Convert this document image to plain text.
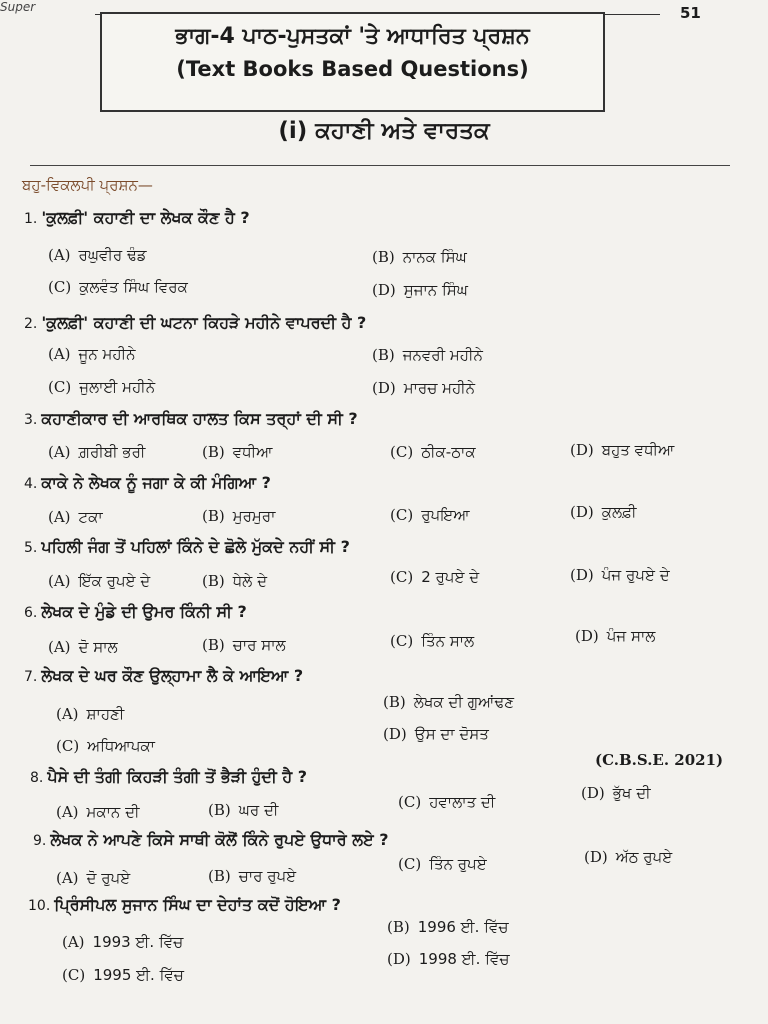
Super	51
ਭਾਗ-4 ਪਾਠ-ਪੁਸਤਕਾਂ 'ਤੇ ਆਧਾਰਿਤ ਪ੍ਰਸ਼ਨ
(Text Books Based Questions)
(i) ਕਹਾਣੀ ਅਤੇ ਵਾਰਤਕ
ਬਹੁ-ਵਿਕਲਪੀ ਪ੍ਰਸ਼ਨ—
1. 'ਕੁਲਫ਼ੀ' ਕਹਾਣੀ ਦਾ ਲੇਖਕ ਕੌਣ ਹੈ ?
(A) ਰਘੁਵੀਰ ਢੰਡ	(B) ਨਾਨਕ ਸਿੰਘ
(C) ਕੁਲਵੰਤ ਸਿੰਘ ਵਿਰਕ	(D) ਸੁਜਾਨ ਸਿੰਘ
2. 'ਕੁਲਫ਼ੀ' ਕਹਾਣੀ ਦੀ ਘਟਨਾ ਕਿਹੜੇ ਮਹੀਨੇ ਵਾਪਰਦੀ ਹੈ ?
(A) ਜੂਨ ਮਹੀਨੇ	(B) ਜਨਵਰੀ ਮਹੀਨੇ
(C) ਜੁਲਾਈ ਮਹੀਨੇ	(D) ਮਾਰਚ ਮਹੀਨੇ
3. ਕਹਾਣੀਕਾਰ ਦੀ ਆਰਥਿਕ ਹਾਲਤ ਕਿਸ ਤਰ੍ਹਾਂ ਦੀ ਸੀ ?
(A) ਗ਼ਰੀਬੀ ਭਰੀ	(B) ਵਧੀਆ	(C) ਠੀਕ-ਠਾਕ	(D) ਬਹੁਤ ਵਧੀਆ
4. ਕਾਕੇ ਨੇ ਲੇਖਕ ਨੂੰ ਜਗਾ ਕੇ ਕੀ ਮੰਗਿਆ ?
(A) ਟਕਾ	(B) ਮੁਰਮੁਰਾ	(C) ਰੁਪਇਆ	(D) ਕੁਲਫ਼ੀ
5. ਪਹਿਲੀ ਜੰਗ ਤੋਂ ਪਹਿਲਾਂ ਕਿੰਨੇ ਦੇ ਛੋਲੇ ਮੁੱਕਦੇ ਨਹੀਂ ਸੀ ?
(A) ਇੱਕ ਰੁਪਏ ਦੇ	(B) ਧੇਲੇ ਦੇ	(C) 2 ਰੁਪਏ ਦੇ	(D) ਪੰਜ ਰੁਪਏ ਦੇ
6. ਲੇਖਕ ਦੇ ਮੁੰਡੇ ਦੀ ਉਮਰ ਕਿੰਨੀ ਸੀ ?
(A) ਦੋ ਸਾਲ	(B) ਚਾਰ ਸਾਲ	(C) ਤਿੰਨ ਸਾਲ	(D) ਪੰਜ ਸਾਲ
7. ਲੇਖਕ ਦੇ ਘਰ ਕੌਣ ਉਲ੍ਹਾਮਾ ਲੈ ਕੇ ਆਇਆ ?
(A) ਸ਼ਾਹਣੀ
(B) ਲੇਖਕ ਦੀ ਗੁਆਂਢਣ
(C) ਅਧਿਆਪਕਾ
(D) ਉਸ ਦਾ ਦੋਸਤ
(C.B.S.E. 2021)
8. ਪੈਸੇ ਦੀ ਤੰਗੀ ਕਿਹੜੀ ਤੰਗੀ ਤੋਂ ਭੈੜੀ ਹੁੰਦੀ ਹੈ ?
(A) ਮਕਾਨ ਦੀ	(B) ਘਰ ਦੀ	(C) ਹਵਾਲਾਤ ਦੀ	(D) ਭੁੱਖ ਦੀ
9. ਲੇਖਕ ਨੇ ਆਪਣੇ ਕਿਸੇ ਸਾਥੀ ਕੋਲੋਂ ਕਿੰਨੇ ਰੁਪਏ ਉਧਾਰੇ ਲਏ ?
(A) ਦੋ ਰੁਪਏ	(B) ਚਾਰ ਰੁਪਏ
(C) ਤਿੰਨ ਰੁਪਏ	(D) ਅੱਠ ਰੁਪਏ
10. ਪ੍ਰਿੰਸੀਪਲ ਸੁਜਾਨ ਸਿੰਘ ਦਾ ਦੇਹਾਂਤ ਕਦੋਂ ਹੋਇਆ ?
(A) 1993 ਈ. ਵਿੱਚ
(B) 1996 ਈ. ਵਿੱਚ
(C) 1995 ਈ. ਵਿੱਚ
(D) 1998 ਈ. ਵਿੱਚ
